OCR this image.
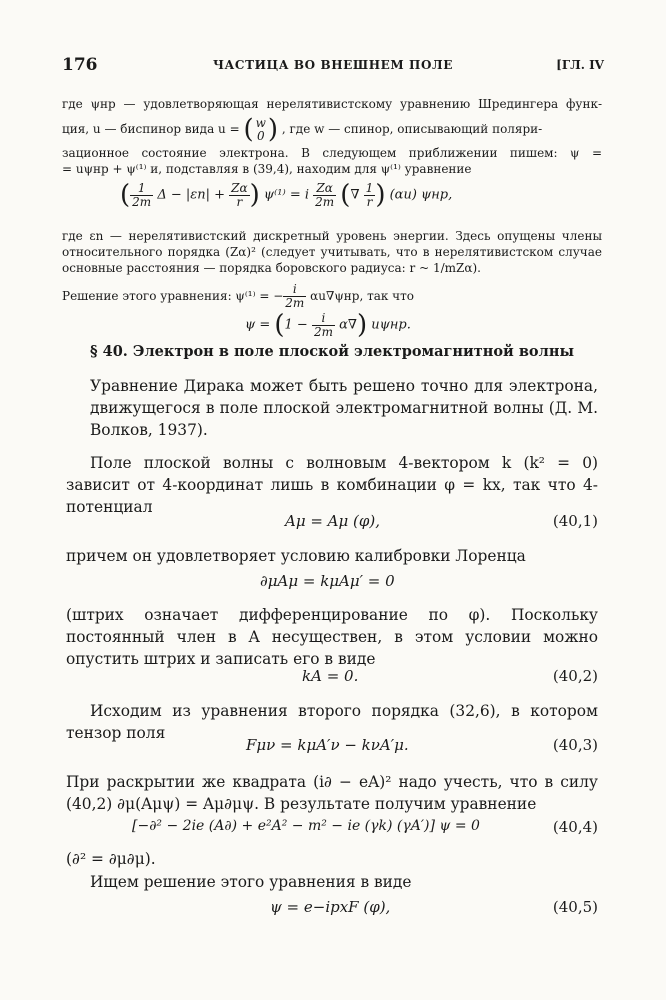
176	ЧАСТИЦА ВО ВНЕШНЕМ ПОЛЕ	[ГЛ. IV
где ψнр — удовлетворяющая нерелятивистскому уравнению Шредингера функ-
ция, u — биспинор вида u = ( w
0 ) , где w — спинор, описывающий поляри-
зационное состояние электрона. В следующем приближении пишем: ψ =
= uψнр + ψ⁽¹⁾ и, подставляя в (39,4), находим для ψ⁽¹⁾ уравнение
( $\frac{1}{2m}$ $\Delta - |\varepsilon n| + \frac{Z\alpha}{r}$ ) ψ⁽¹⁾ = i $\frac{Z\alpha}{2m}$ (∇ $\frac{1}{r}$ ) (αu) ψнр,
где εn — нерелятивистский дискретный уровень энергии. Здесь опущены члены относительного порядка (Zα)² (следует учитывать, что в нерелятивистском случае основные расстояния — порядка боровского радиуса: r ~ 1/mZα).
Решение этого уравнения: ψ⁽¹⁾ = − $\frac{i}{2m} \alpha u\nabla\psi нр$, так что
$\psi = (1 - \frac{i}{2m} \alpha\nabla)$ uψнр.
§ 40. Электрон в поле плоской электромагнитной волны
Уравнение Дирака может быть решено точно для электрона, движущегося в поле плоской электромагнитной волны (Д. М. Волков, 1937).
Поле плоской волны с волновым 4-вектором k (k² = 0) зависит от 4-координат лишь в комбинации φ = kx, так что 4-потенциал
Aμ = Aμ (φ),	(40,1)
причем он удовлетворяет условию калибровки Лоренца
∂μAμ = kμAμ′ = 0
(штрих означает дифференцирование по φ). Поскольку постоянный член в A несуществен, в этом условии можно опустить штрих и записать его в виде
kA = 0.	(40,2)
Исходим из уравнения второго порядка (32,6), в котором тензор поля
Fμν = kμA′ν − kνA′μ.	(40,3)
При раскрытии же квадрата (i∂ − eA)² надо учесть, что в силу (40,2) ∂μ(Aμψ) = Aμ∂μψ. В результате получим уравнение
[−∂² − 2ie (A∂) + e²A² − m² − ie (γk) (γA′)] ψ = 0	(40,4)
(∂² = ∂μ∂μ).
Ищем решение этого уравнения в виде
ψ = e−ipxF (φ),	(40,5)
